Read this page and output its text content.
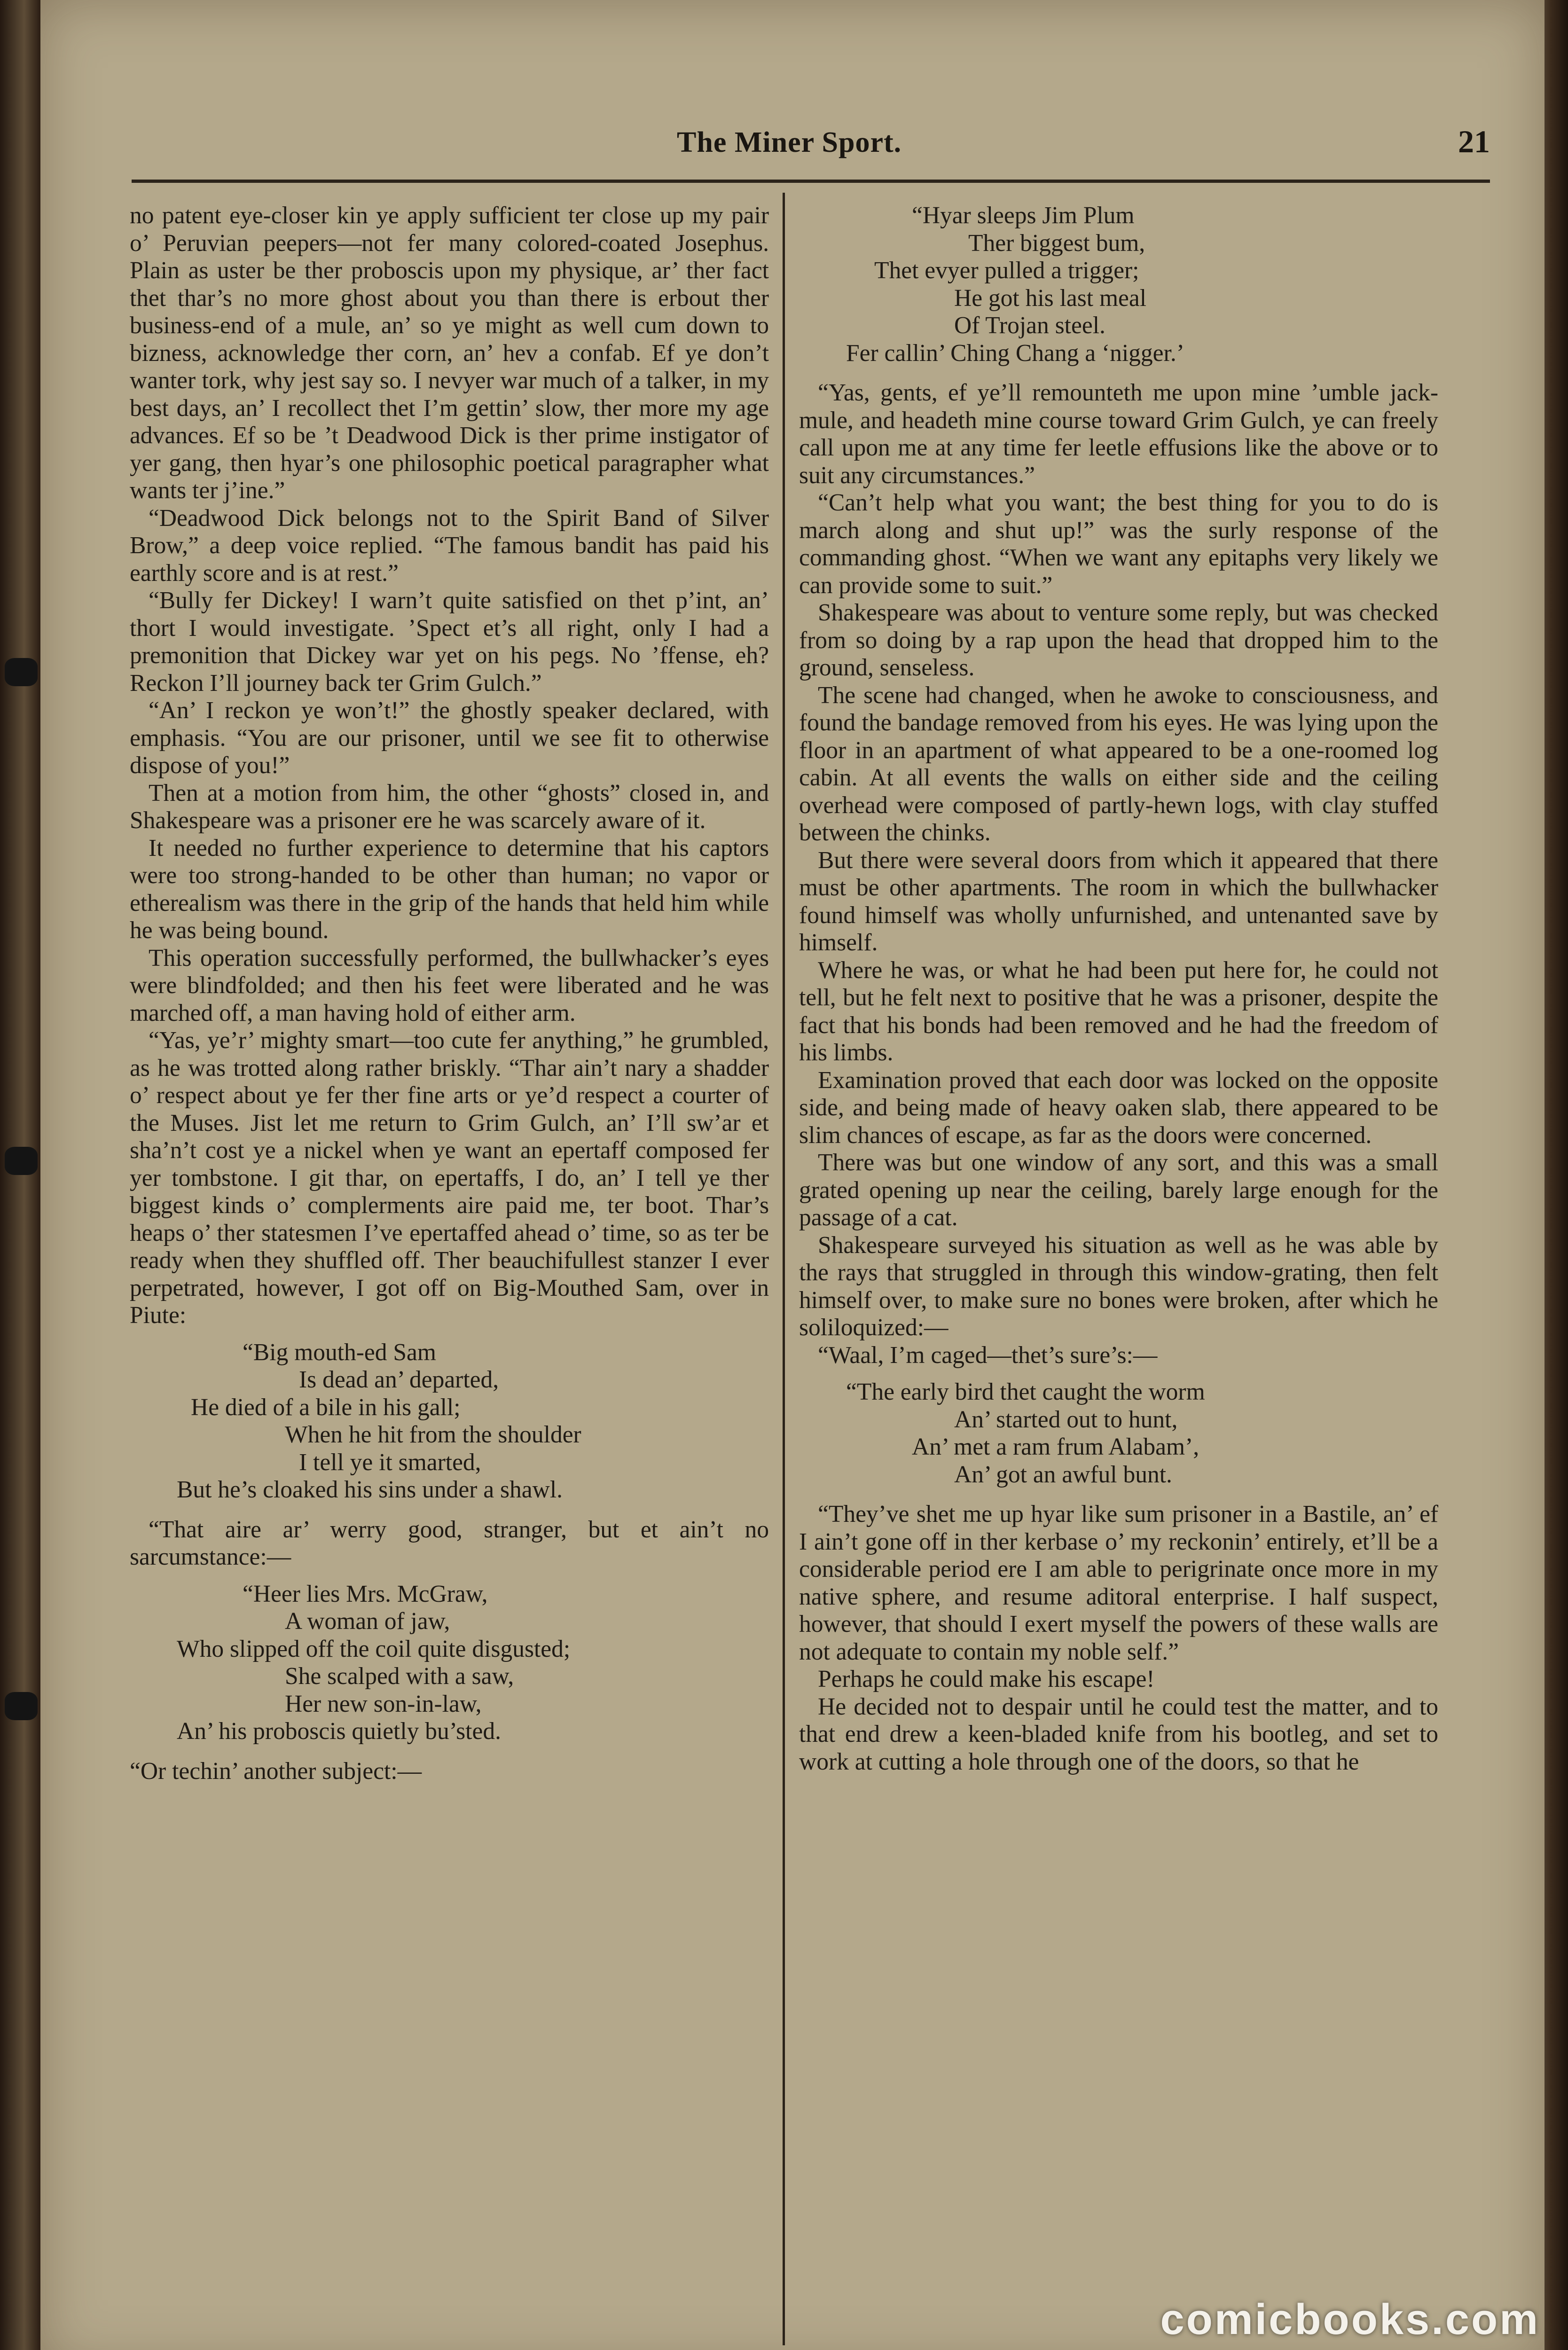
The Miner Sport.	21

no patent eye-closer kin ye apply sufficient ter close up my pair o’ Peruvian peepers—not fer many colored-coated Josephus. Plain as uster be ther proboscis upon my physique, ar’ ther fact thet thar’s no more ghost about you than there is erbout ther business-end of a mule, an’ so ye might as well cum down to bizness, acknowledge ther corn, an’ hev a confab. Ef ye don’t wanter tork, why jest say so. I nevyer war much of a talker, in my best days, an’ I recollect thet I’m gettin’ slow, ther more my age advances. Ef so be ’t Deadwood Dick is ther prime instigator of yer gang, then hyar’s one philosophic poetical paragrapher what wants ter j’ine.”

“Deadwood Dick belongs not to the Spirit Band of Silver Brow,” a deep voice replied. “The famous bandit has paid his earthly score and is at rest.”

“Bully fer Dickey! I warn’t quite satisfied on thet p’int, an’ thort I would investigate. ’Spect et’s all right, only I had a premonition that Dickey war yet on his pegs. No ’ffense, eh? Reckon I’ll journey back ter Grim Gulch.”

“An’ I reckon ye won’t!” the ghostly speaker declared, with emphasis. “You are our prisoner, until we see fit to otherwise dispose of you!”

Then at a motion from him, the other “ghosts” closed in, and Shakespeare was a prisoner ere he was scarcely aware of it.

It needed no further experience to determine that his captors were too strong-handed to be other than human; no vapor or etherealism was there in the grip of the hands that held him while he was being bound.

This operation successfully performed, the bullwhacker’s eyes were blindfolded; and then his feet were liberated and he was marched off, a man having hold of either arm.

“Yas, ye’r’ mighty smart—too cute fer anything,” he grumbled, as he was trotted along rather briskly. “Thar ain’t nary a shadder o’ respect about ye fer ther fine arts or ye’d respect a courter of the Muses. Jist let me return to Grim Gulch, an’ I’ll sw’ar et sha’n’t cost ye a nickel when ye want an epertaff composed fer yer tombstone. I git thar, on epertaffs, I do, an’ I tell ye ther biggest kinds o’ complerments aire paid me, ter boot. Thar’s heaps o’ ther statesmen I’ve epertaffed ahead o’ time, so as ter be ready when they shuffled off. Ther beauchifullest stanzer I ever perpetrated, however, I got off on Big-Mouthed Sam, over in Piute:

“Big mouth-ed Sam
Is dead an’ departed,
He died of a bile in his gall;
When he hit from the shoulder
I tell ye it smarted,
But he’s cloaked his sins under a shawl.

“That aire ar’ werry good, stranger, but et ain’t no sarcumstance:—

“Heer lies Mrs. McGraw,
A woman of jaw,
Who slipped off the coil quite disgusted;
She scalped with a saw,
Her new son-in-law,
An’ his proboscis quietly bu’sted.

“Or techin’ another subject:—

“Hyar sleeps Jim Plum
Ther biggest bum,
Thet evyer pulled a trigger;
He got his last meal
Of Trojan steel.
Fer callin’ Ching Chang a ‘nigger.’

“Yas, gents, ef ye’ll remounteth me upon mine ’umble jack-mule, and headeth mine course toward Grim Gulch, ye can freely call upon me at any time fer leetle effusions like the above or to suit any circumstances.”

“Can’t help what you want; the best thing for you to do is march along and shut up!” was the surly response of the commanding ghost. “When we want any epitaphs very likely we can provide some to suit.”

Shakespeare was about to venture some reply, but was checked from so doing by a rap upon the head that dropped him to the ground, senseless.

The scene had changed, when he awoke to consciousness, and found the bandage removed from his eyes. He was lying upon the floor in an apartment of what appeared to be a one-roomed log cabin. At all events the walls on either side and the ceiling overhead were composed of partly-hewn logs, with clay stuffed between the chinks.

But there were several doors from which it appeared that there must be other apartments. The room in which the bullwhacker found himself was wholly unfurnished, and untenanted save by himself.

Where he was, or what he had been put here for, he could not tell, but he felt next to positive that he was a prisoner, despite the fact that his bonds had been removed and he had the freedom of his limbs.

Examination proved that each door was locked on the opposite side, and being made of heavy oaken slab, there appeared to be slim chances of escape, as far as the doors were concerned.

There was but one window of any sort, and this was a small grated opening up near the ceiling, barely large enough for the passage of a cat.

Shakespeare surveyed his situation as well as he was able by the rays that struggled in through this window-grating, then felt himself over, to make sure no bones were broken, after which he soliloquized:—

“Waal, I’m caged—thet’s sure’s:—

“The early bird thet caught the worm
An’ started out to hunt,
An’ met a ram frum Alabam’,
An’ got an awful bunt.

“They’ve shet me up hyar like sum prisoner in a Bastile, an’ ef I ain’t gone off in ther kerbase o’ my reckonin’ entirely, et’ll be a considerable period ere I am able to perigrinate once more in my native sphere, and resume aditoral enterprise. I half suspect, however, that should I exert myself the powers of these walls are not adequate to contain my noble self.”

Perhaps he could make his escape!

He decided not to despair until he could test the matter, and to that end drew a keen-bladed knife from his bootleg, and set to work at cutting a hole through one of the doors, so that he

comicbooks.com
